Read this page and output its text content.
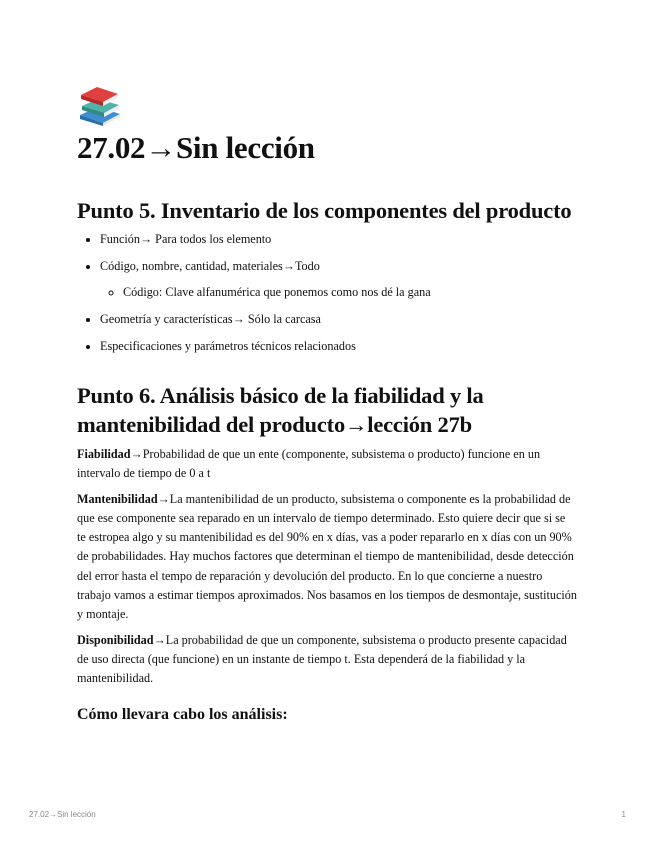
27.02→Sin lección
Punto 5. Inventario de los componentes del producto
• Función→ Para todos los elemento
• Código, nombre, cantidad, materiales→Todo
◦ Código: Clave alfanumérica que ponemos como nos dé la gana
• Geometría y características→ Sólo la carcasa
• Especificaciones y parámetros técnicos relacionados
Punto 6. Análisis básico de la fiabilidad y la mantenibilidad del producto→lección 27b

Fiabilidad→Probabilidad de que un ente (componente, subsistema o producto) funcione en un intervalo de tiempo de 0 a t

Mantenibilidad→La mantenibilidad de un producto, subsistema o componente es la probabilidad de que ese componente sea reparado en un intervalo de tiempo determinado. Esto quiere decir que si se te estropea algo y su mantenibilidad es del 90% en x días, vas a poder repararlo en x días con un 90% de probabilidades. Hay muchos factores que determinan el tiempo de mantenibilidad, desde detección del error hasta el tempo de reparación y devolución del producto. En lo que concierne a nuestro trabajo vamos a estimar tiempos aproximados. Nos basamos en los tiempos de desmontaje, sustitución y montaje.

Disponibilidad→La probabilidad de que un componente, subsistema o producto presente capacidad de uso directa (que funcione) en un instante de tiempo t. Esta dependerá de la fiabilidad y la mantenibilidad.

Cómo llevara cabo los análisis:
27.02→Sin lección	1
